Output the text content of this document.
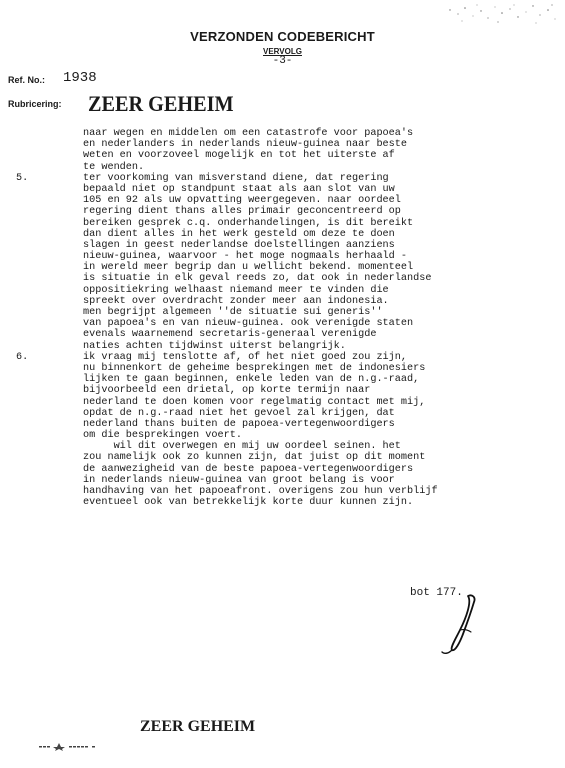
VERZONDEN CODEBERICHT
VERVOLG
-3-
Ref. No.: 1938
Rubricering: ZEER GEHEIM
naar wegen en middelen om een catastrofe voor papoea's
en nederlanders in nederlands nieuw-guinea naar beste
weten en voorzoveel mogelijk en tot het uiterste af
te wenden.
5.	ter voorkoming van misverstand diene, dat regering
bepaald niet op standpunt staat als aan slot van uw
105 en 92 als uw opvatting weergegeven. naar oordeel
regering dient thans alles primair geconcentreerd op
bereiken gesprek c.q. onderhandelingen, is dit bereikt
dan dient alles in het werk gesteld om deze te doen
slagen in geest nederlandse doelstellingen aanziens
nieuw-guinea, waarvoor - het moge nogmaals herhaald -
in wereld meer begrip dan u wellicht bekend. momenteel
is situatie in elk geval reeds zo, dat ook in nederlandse
oppositiekring welhaast niemand meer te vinden die
spreekt over overdracht zonder meer aan indonesia.
men begrijpt algemeen ''de situatie sui generis''
van papoea's en van nieuw-guinea. ook verenigde staten
evenals waarnemend secretaris-generaal verenigde
naties achten tijdwinst uiterst belangrijk.
6.	ik vraag mij tenslotte af, of het niet goed zou zijn,
nu binnenkort de geheime besprekingen met de indonesiers
lijken te gaan beginnen, enkele leden van de n.g.-raad,
bijvoorbeeld een drietal, op korte termijn naar
nederland te doen komen voor regelmatig contact met mij,
opdat de n.g.-raad niet het gevoel zal krijgen, dat
nederland thans buiten de papoea-vertegenwoordigers
om die besprekingen voert.
wil dit overwegen en mij uw oordeel seinen. het
zou namelijk ook zo kunnen zijn, dat juist op dit moment
de aanwezigheid van de beste papoea-vertegenwoordigers
in nederlands nieuw-guinea van groot belang is voor
handhaving van het papoeafront. overigens zou hun verblijf
eventueel ook van betrekkelijk korte duur kunnen zijn.
bot 177.
ZEER GEHEIM
